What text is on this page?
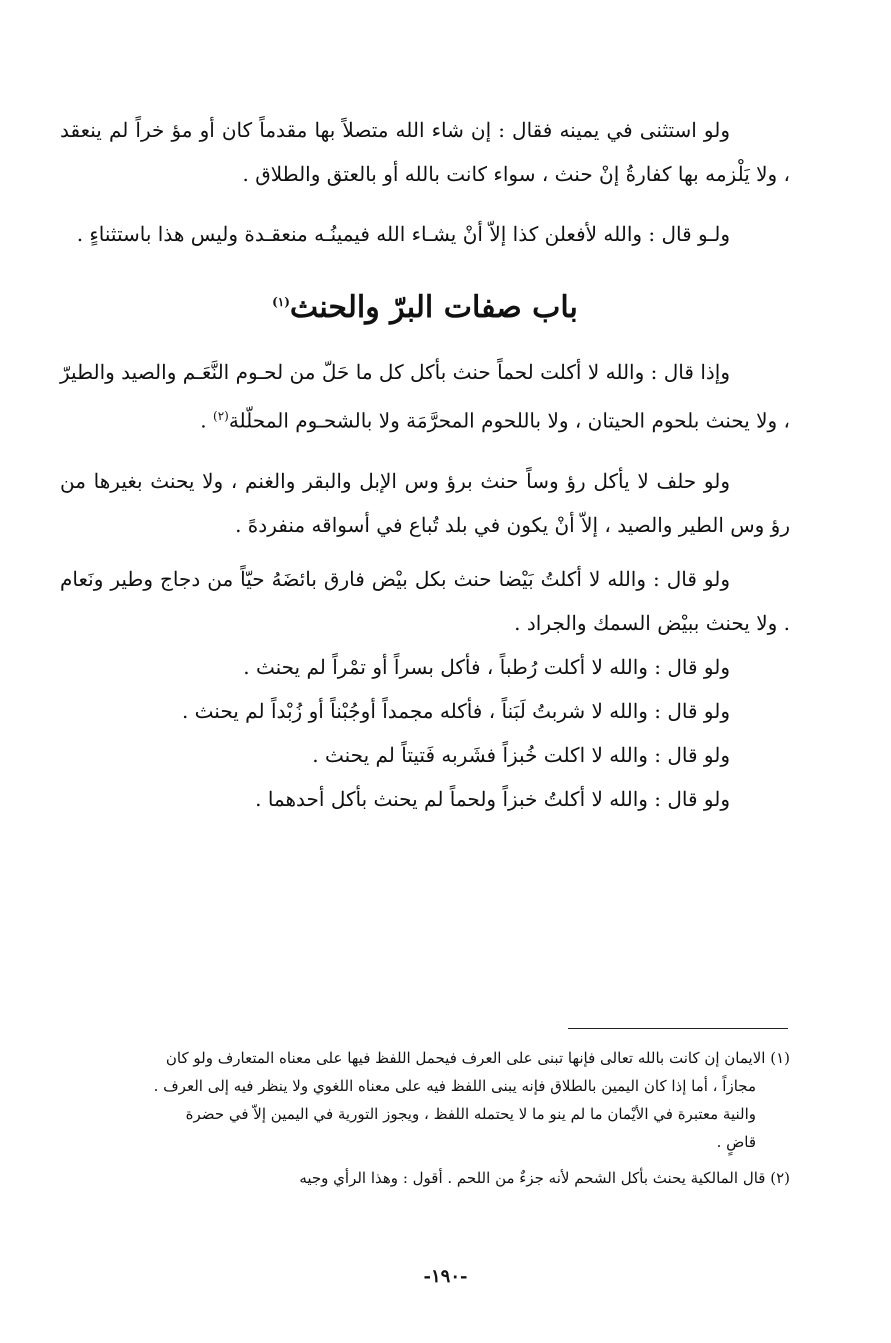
ولو استثنى في يمينه فقال : إن شاء الله متصلاً بها مقدماً كان أو مؤ خراً لم ينعقد ، ولا يَلْزمه بها كفارةُ إنْ حنث ، سواء كانت بالله أو بالعتق والطلاق .

ولـو قال : والله لأفعلن كذا إلاّ أنْ يشـاء الله فيمينُـه منعقـدة وليس هذا باستثناءٍ .

باب صفات البرّ والحنث$^{(١)}$

وإذا قال : والله لا أكلت لحماً حنث بأكل كل ما حَلّ من لحـوم النَّعَـم والصيد والطيرّ ، ولا يحنث بلحوم الحيتان ، ولا باللحوم المحرَّمَة ولا بالشحـوم المحلّلة$^{(٢)}$ .

ولو حلف لا يأكل رؤ وساً حنث برؤ وس الإبل والبقر والغنم ، ولا يحنث بغيرها من رؤ وس الطير والصيد ، إلاّ أنْ يكون في بلد تُباع في أسواقه منفردهً .

ولو قال : والله لا أكلتُ بَيْضا حنث بكل بيْض فارق بائضَهُ حيّاً من دجاج وطير ونَعام . ولا يحنث ببيْض السمك والجراد .

ولو قال : والله لا أكلت رُطباً ، فأكل بسراً أو تمْراً لم يحنث .

ولو قال : والله لا شربتُ لَبَناً ، فأكله مجمداً أوجُبْناً أو زُبْداً لم يحنث .

ولو قال : والله لا اكلت خُبزاً فشَربه فَتيتاً لم يحنث .

ولو قال : والله لا أكلتُ خبزاً ولحماً لم يحنث بأكل أحدهما .

(١) الايمان إن كانت بالله تعالى فإنها تبنى على العرف فيحمل اللفظ فيها على معناه المتعارف ولو كان

مجازاً ، أما إذا كان اليمين بالطلاق فإنه يبنى اللفظ فيه على معناه اللغوي ولا ينظر فيه إلى العرف .

والنية معتبرة في الأيْمان ما لم ينو ما لا يحتمله اللفظ ، ويجوز التورية في اليمين إلاّ في حضرة

قاضٍ .

(٢) قال المالكية يحنث بأكل الشحم لأنه جزءٌ من اللحم . أقول : وهذا الرأي وجيه

-١٩٠-
